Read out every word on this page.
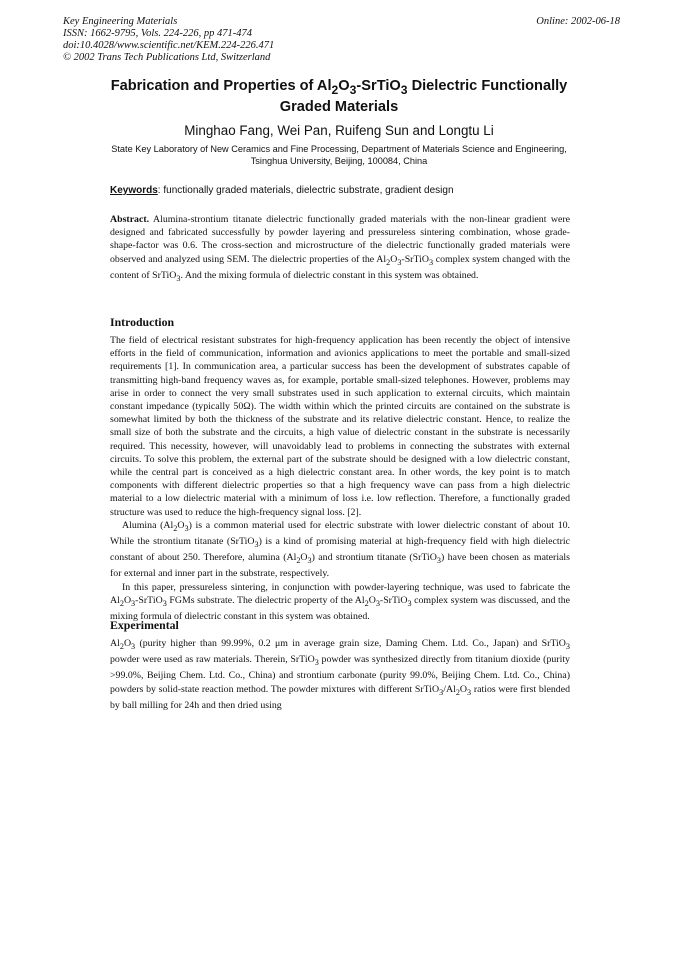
Key Engineering Materials
ISSN: 1662-9795, Vols. 224-226, pp 471-474
doi:10.4028/www.scientific.net/KEM.224-226.471
© 2002 Trans Tech Publications Ltd, Switzerland
Online: 2002-06-18
Fabrication and Properties of $Al_2O_3-SrTiO_3$ Dielectric Functionally
Graded Materials
Minghao Fang, Wei Pan, Ruifeng Sun and Longtu Li
State Key Laboratory of New Ceramics and Fine Processing, Department of Materials Science and Engineering, Tsinghua University, Beijing, 100084, China
Keywords: functionally graded materials, dielectric substrate, gradient design

Abstract. Alumina-strontium titanate dielectric functionally graded materials with the non-linear gradient were designed and fabricated successfully by powder layering and pressureless sintering combination, whose grade-shape-factor was 0.6. The cross-section and microstructure of the dielectric functionally graded materials were observed and analyzed using SEM. The dielectric properties of the $Al_2O_3-SrTiO_3$ complex system changed with the content of SrTiO$_3$. And the mixing formula of dielectric constant in this system was obtained.

Introduction

The field of electrical resistant substrates for high-frequency application has been recently the object of intensive efforts in the field of communication, information and avionics applications to meet the portable and small-sized requirements [1]. In communication area, a particular success has been the development of substrates capable of transmitting high-band frequency waves as, for example, portable small-sized telephones. However, problems may arise in order to connect the very small substrates used in such application to external circuits, which maintain constant impedance (typically 50Ω). The width within which the printed circuits are contained on the substrate is somewhat limited by both the thickness of the substrate and its relative dielectric constant. Hence, to realize the small size of both the substrate and the circuits, a high value of dielectric constant in the substrate is necessarily required. This necessity, however, will unavoidably lead to problems in connecting the substrates with external circuits. To solve this problem, the external part of the substrate should be designed with a low dielectric constant, while the central part is conceived as a high dielectric constant area. In other words, the key point is to match components with different dielectric properties so that a high frequency wave can pass from a high dielectric material to a low dielectric material with a minimum of loss i.e. low reflection. Therefore, a functionally graded structure was used to reduce the high-frequency signal loss. [2].

Alumina $(Al_2O_3)$ is a common material used for electric substrate with lower dielectric constant of about 10. While the strontium titanate (SrTiO$_3$) is a kind of promising material at high-frequency field with high dielectric constant of about 250. Therefore, alumina $(Al_2O_3)$ and strontium titanate (SrTiO$_3$) have been chosen as materials for external and inner part in the substrate, respectively.

In this paper, pressureless sintering, in conjunction with powder-layering technique, was used to fabricate the $Al_2O_3-SrTiO_3$ FGMs substrate. The dielectric property of the $Al_2O_3-SrTiO_3$ complex system was discussed, and the mixing formula of dielectric constant in this system was obtained.

Experimental

$Al_2O_3$ (purity higher than 99.99%, 0.2 μm in average grain size, Daming Chem. Ltd. Co., Japan) and SrTiO$_3$ powder were used as raw materials. Therein, SrTiO$_3$ powder was synthesized directly from titanium dioxide (purity >99.0%, Beijing Chem. Ltd. Co., China) and strontium carbonate (purity 99.0%, Beijing Chem. Ltd. Co., China) powders by solid-state reaction method. The powder mixtures with different $SrTiO_3/Al_2O_3$ ratios were first blended by ball milling for 24h and then dried using
